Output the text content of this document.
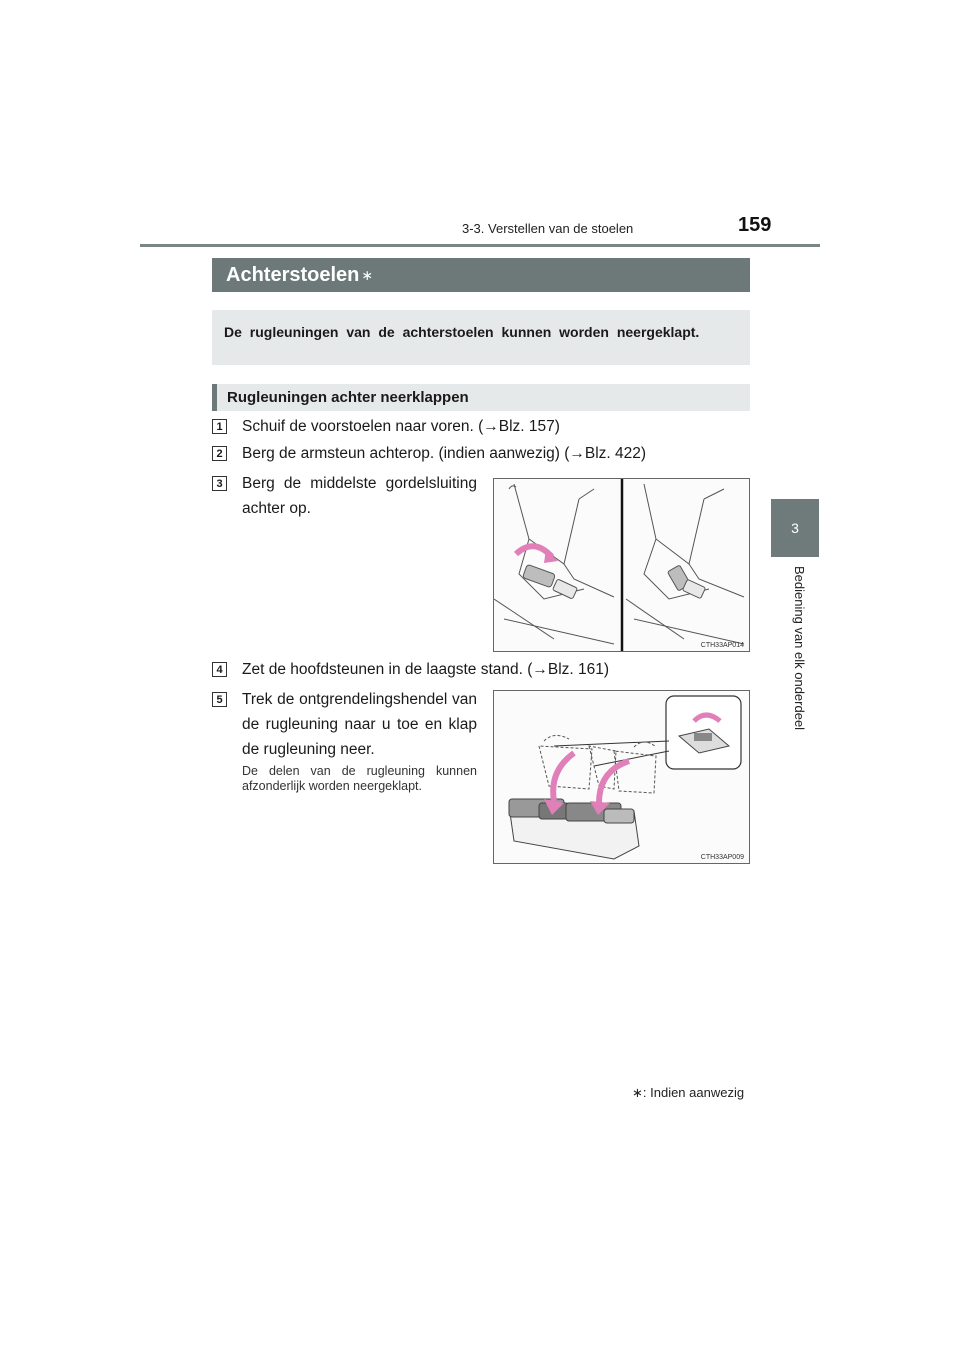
3-3. Verstellen van de stoelen	159
3
Bediening van elk onderdeel
Achterstoelen ∗
De rugleuningen van de achterstoelen kunnen worden neergeklapt.
Rugleuningen achter neerklappen
1 Schuif de voorstoelen naar voren. (→Blz. 157)
2 Berg de armsteun achterop. (indien aanwezig) (→Blz. 422)
3 Berg de middelste gordelsluiting achter op.
CTH33AP014
4 Zet de hoofdsteunen in de laagste stand. (→Blz. 161)
5 Trek de ontgrendelingshendel van de rugleuning naar u toe en klap de rugleuning neer.
De delen van de rugleuning kunnen afzonderlijk worden neergeklapt.
CTH33AP009
∗: Indien aanwezig
